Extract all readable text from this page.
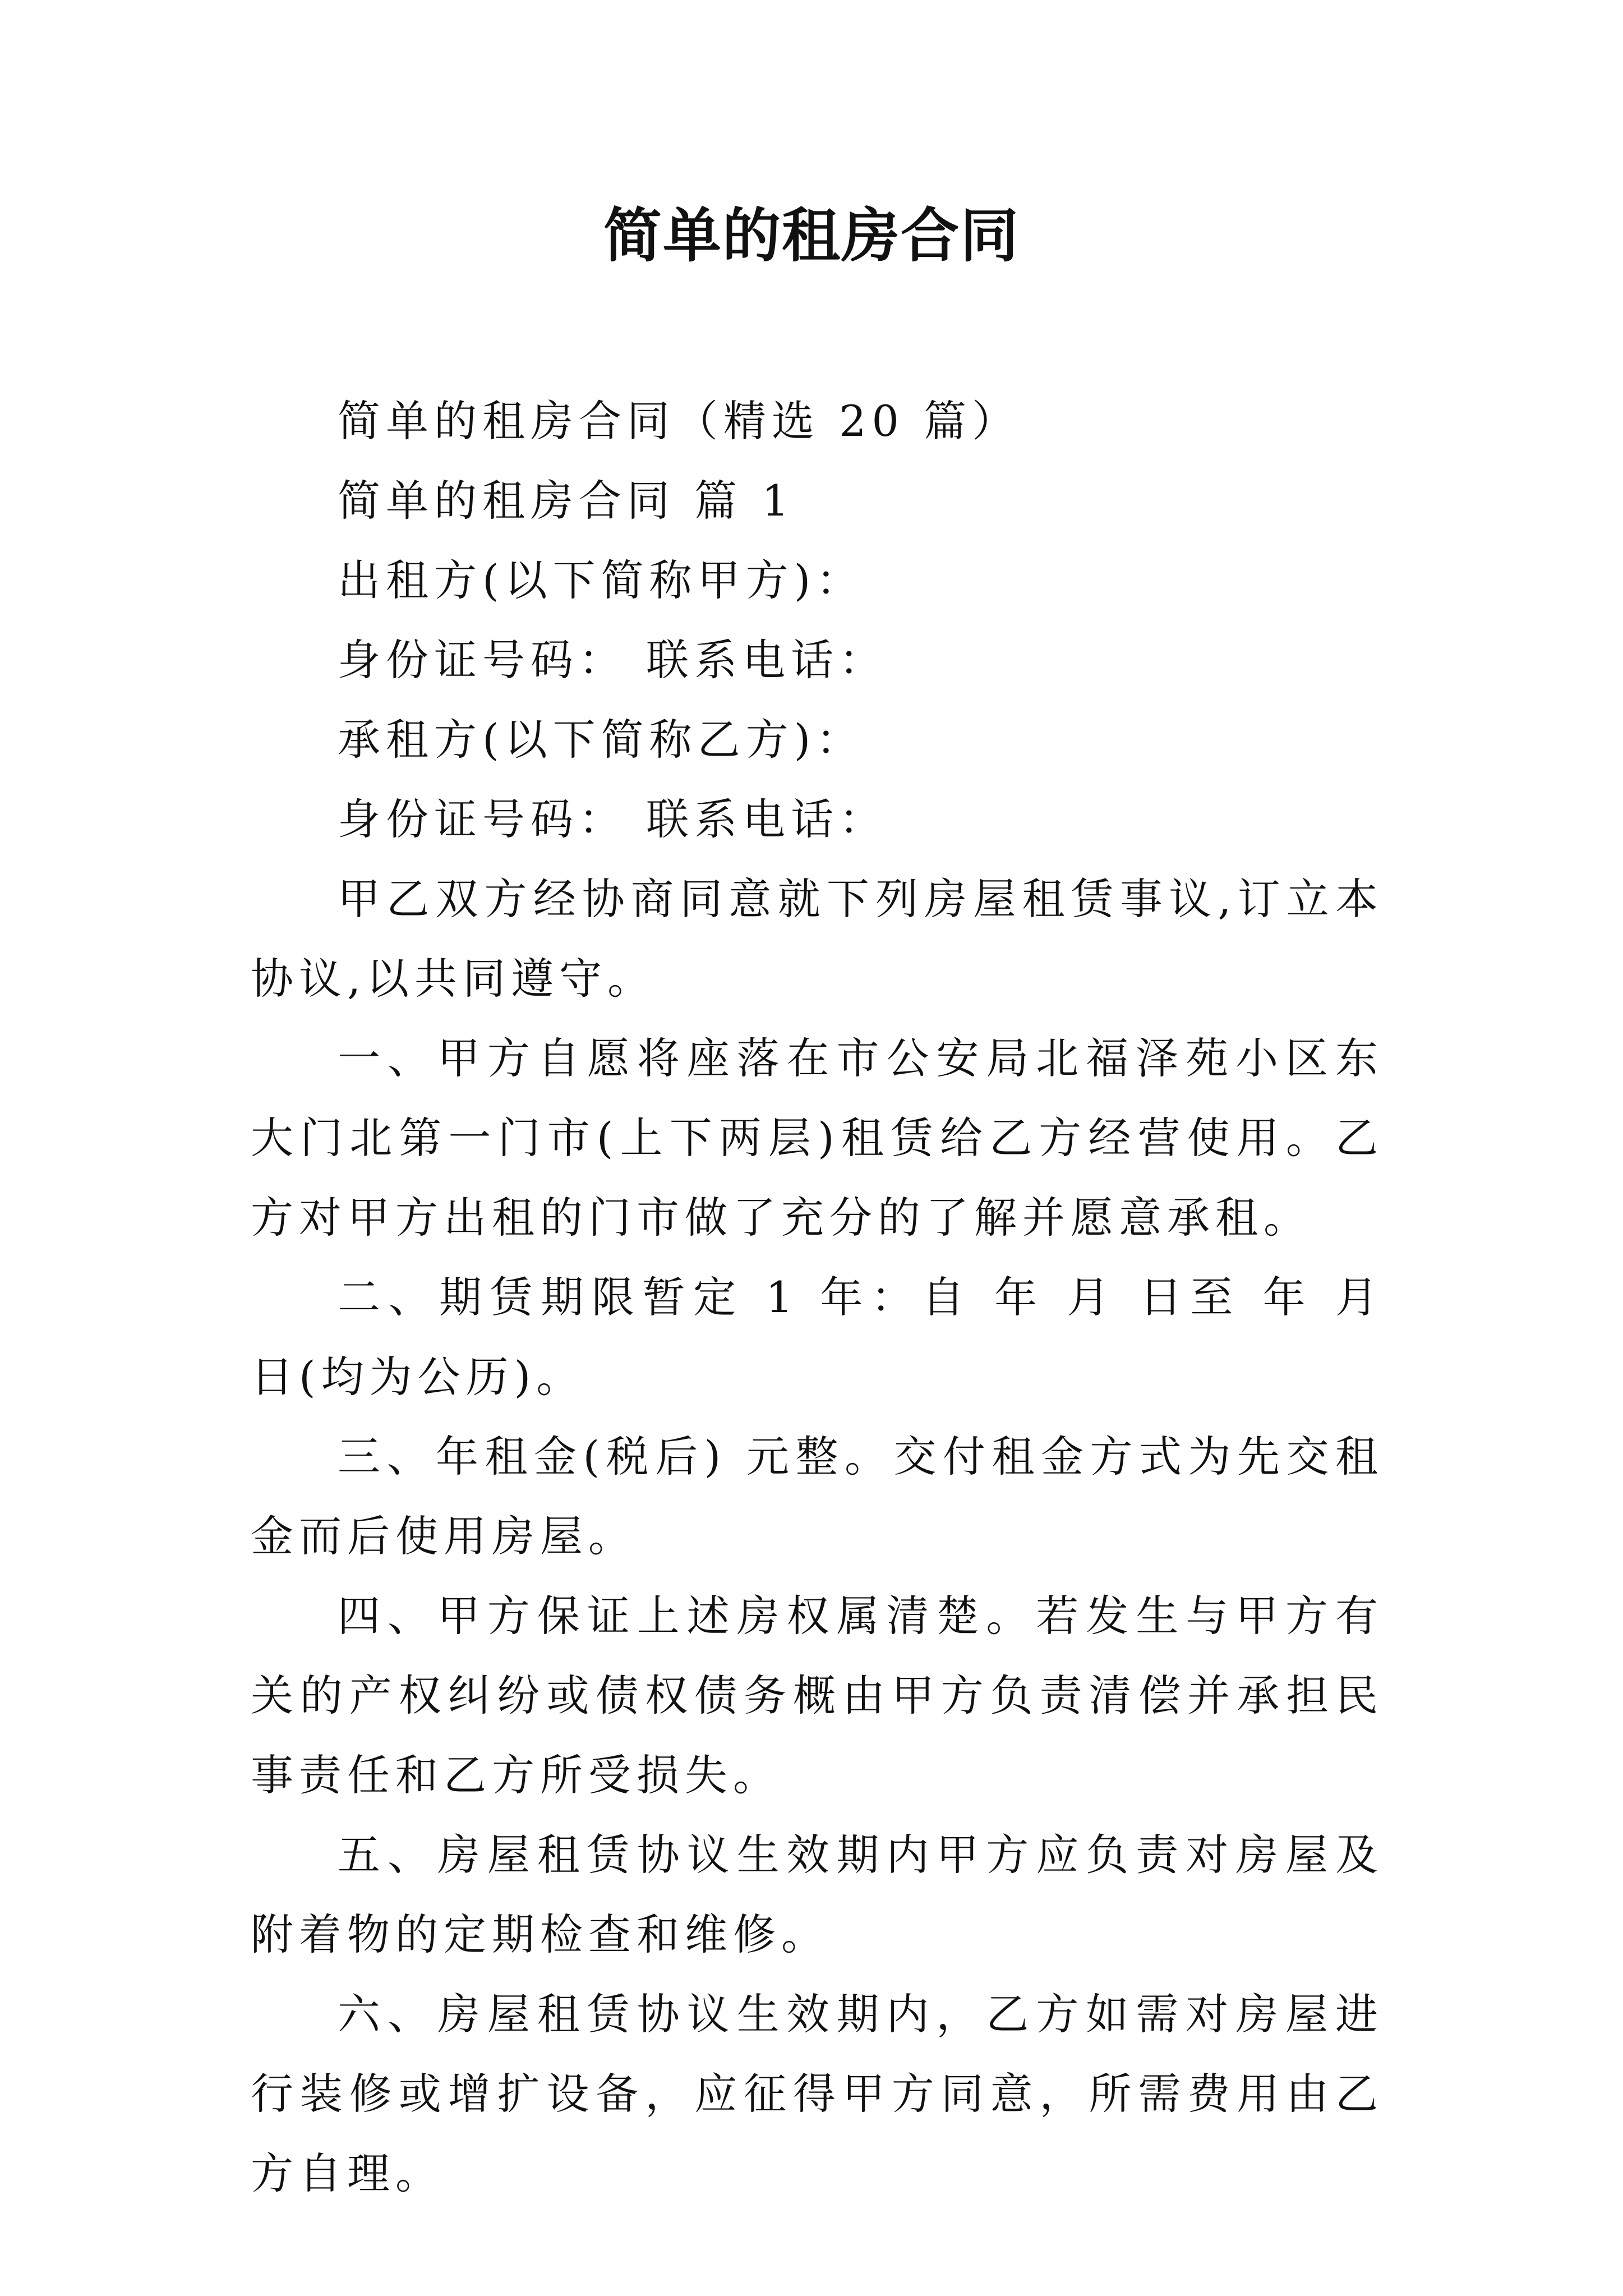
简单的租房合同

简单的租房合同（精选 20 篇）

简单的租房合同 篇 1

出租方(以下简称甲方)：

身份证号码： 联系电话：

承租方(以下简称乙方)：

身份证号码： 联系电话：

甲乙双方经协商同意就下列房屋租赁事议,订立本协议,以共同遵守。

一、甲方自愿将座落在市公安局北福泽苑小区东大门北第一门市(上下两层)租赁给乙方经营使用。乙方对甲方出租的门市做了充分的了解并愿意承租。

二、期赁期限暂定 1 年：自 年 月 日至 年 月 日(均为公历)。

三、年租金(税后) 元整。交付租金方式为先交租金而后使用房屋。

四、甲方保证上述房权属清楚。若发生与甲方有关的产权纠纷或债权债务概由甲方负责清偿并承担民事责任和乙方所受损失。

五、房屋租赁协议生效期内甲方应负责对房屋及附着物的定期检查和维修。

六、房屋租赁协议生效期内，乙方如需对房屋进行装修或增扩设备，应征得甲方同意，所需费用由乙方自理。
